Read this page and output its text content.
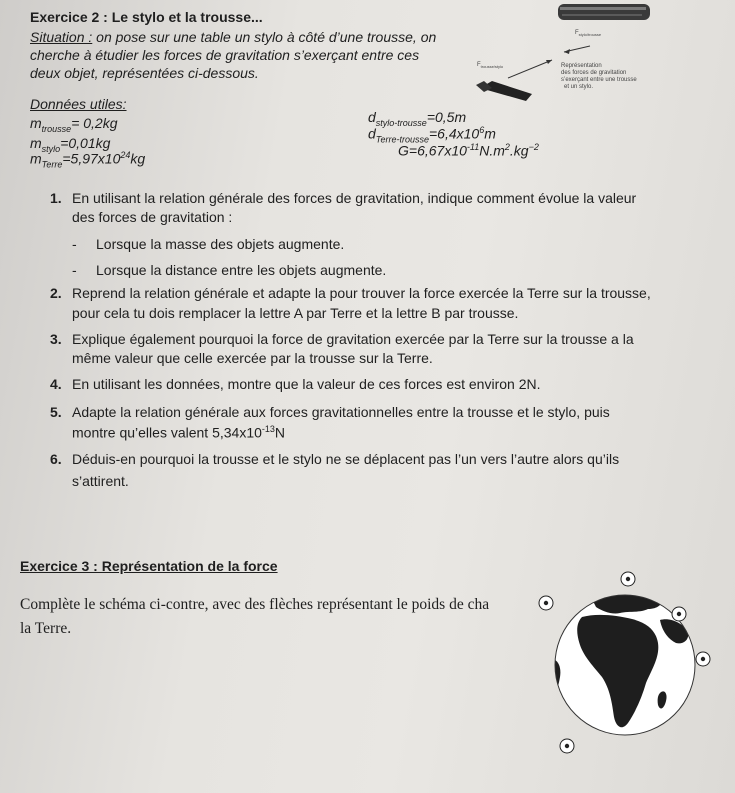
Exercice 2 : Le stylo et la trousse...
Situation : on pose sur une table un stylo à côté d’une trousse, on
cherche à étudier les forces de gravitation s’exerçant entre ces
deux objet, représentées ci-dessous.
$F_{stylo/trousse}$
$F_{trousse/stylo}$	Représentation
des forces de gravitation
s’exerçant entre une trousse
et un stylo.
Données utiles:
$m_{trousse}= 0,2kg$
$m_{stylo}=0,01kg$
$m_{Terre}=5,97x10^{24}kg$
$d_{stylo-trousse}=0,5m$
$d_{Terre-trousse}=6,4x10^6m$
$G=6,67x10^{-11}N.m^2.kg^{-2}$
1. En utilisant la relation générale des forces de gravitation, indique comment évolue la valeur
des forces de gravitation :
- Lorsque la masse des objets augmente.
- Lorsque la distance entre les objets augmente.
2. Reprend la relation générale et adapte la pour trouver la force exercée la Terre sur la trousse,
pour cela tu dois remplacer la lettre A par Terre et la lettre B par trousse.
3. Explique également pourquoi la force de gravitation exercée par la Terre sur la trousse a la
même valeur que celle exercée par la trousse sur la Terre.
4. En utilisant les données, montre que la valeur de ces forces est environ 2N.
5. Adapte la relation générale aux forces gravitationnelles entre la trousse et le stylo, puis
montre qu’elles valent $5,34x10^{-13}N$
6. Déduis-en pourquoi la trousse et le stylo ne se déplacent pas l’un vers l’autre alors qu’ils
s’attirent.
Exercice 3 : Représentation de la force
Complète le schéma ci-contre, avec des flèches représentant le poids de cha
la Terre.
